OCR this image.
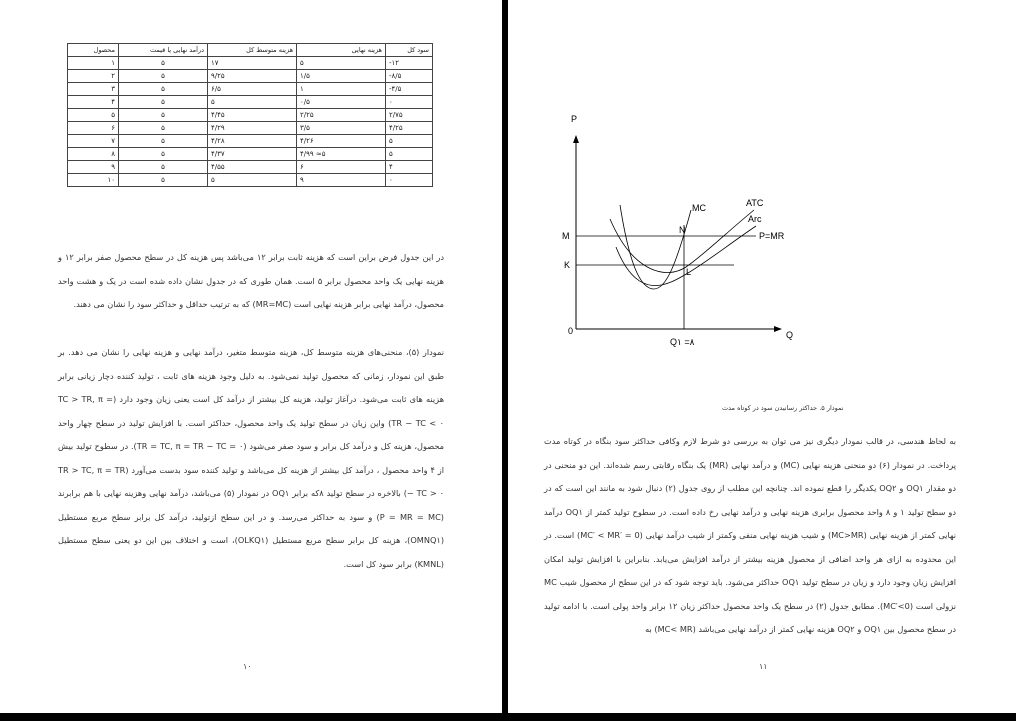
محصول	درآمد نهایی یا قیمت	هزینه متوسط کل	هزینه نهایی	سود کل
۱	۵	۱۷	۵	-۱۲
۲	۵	۹/۲۵	۱/۵	-۸/۵
۳	۵	۶/۵	۱	-۴/۵
۴	۵	۵	۰/۵	۰
۵	۵	۴/۴۵	۲/۲۵	۲/۷۵
۶	۵	۴/۲۹	۳/۵	۴/۲۵
۷	۵	۴/۲۸	۴/۲۶	۵
۸	۵	۴/۳۷	۴/۹۹ ≈۵	۵
۹	۵	۴/۵۵	۶	۴
۱۰	۵	۵	۹	۰

در این جدول فرض براین است که هزینه ثابت برابر ۱۲ می‌باشد پس هزینه کل در سطح محصول صفر برابر ۱۲ و هزینه نهایی یک واحد محصول برابر ۵ است. همان طوری که در جدول نشان داده شده است در یک و هشت واحد محصول، درآمد نهایی برابر هزینه نهایی است (MR=MC) که به ترتیب حداقل و حداکثر سود را نشان می دهند.

نمودار (۵)، منحنی‌های هزینه متوسط کل، هزینه متوسط متغیر، درآمد نهایی و هزینه نهایی را نشان می دهد. بر طبق این نمودار، زمانی که محصول تولید نمی‌شود. به دلیل وجود هزینه های ثابت ، تولید کننده دچار زیانی برابر هزینه های ثابت می‌شود. درآغاز تولید، هزینه کل بیشتر از درآمد کل است یعنی زیان وجود دارد (TC > TR, π = TR − TC < ۰) واین زیان در سطح تولید یک واحد محصول، حداکثر است. با افزایش تولید در سطح چهار واحد محصول، هزینه کل و درآمد کل برابر و سود صفر می‌شود (TR = TC, π = TR − TC = ۰). در سطوح تولید بیش از ۴ واحد محصول ، درآمد کل بیشتر از هزینه کل می‌باشد و تولید کننده سود بدست می‌آورد (TR > TC, π = TR − TC > ۰) بالاخره در سطح تولید ۸که برابر OQ۱ در نمودار (۵) می‌باشد، درآمد نهایی وهزینه نهایی با هم برابرند (P = MR = MC) و سود به حداکثر می‌رسد. و در این سطح ازتولید، درآمد کل برابر سطح مربع مستطیل (OMNQ۱)، هزینه کل برابر سطح مربع مستطیل (OLKQ۱)، است و اختلاف بین این دو یعنی سطح مستطیل (KMNL) برابر سود کل است.

۱۰
P
Q
0
M
K
N
L
MC	ATC
Arc
P=MR
Q۱ =۸
نمودار ۵. حداکثر رسانیدن سود در کوتاه مدت

به لحاظ هندسی، در قالب نمودار دیگری نیز می توان به بررسی دو شرط لازم وکافی حداکثر سود بنگاه در کوتاه مدت پرداخت. در نمودار (۶) دو منحنی هزینه نهایی (MC) و درآمد نهایی (MR) یک بنگاه رقابتی رسم شده‌اند. این دو منحنی در دو مقدار OQ۱ و OQ۲ یکدیگر را قطع نموده اند. چنانچه این مطلب از روی جدول (۲) دنبال شود به مانند این است که در دو سطح تولید ۱ و ۸ واحد محصول برابری هزینه نهایی و درآمد نهایی رخ داده است. در سطوح تولید کمتر از OQ۱ درآمد نهایی کمتر از هزینه نهایی (MC>MR) و شیب هزینه نهایی منفی وکمتر از شیب درآمد نهایی (MC′ < MR′ = 0) است. در این محدوده به ازای هر واحد اضافی از محصول هزینه بیشتر از درآمد افزایش می‌یابد. بنابراین با افزایش تولید امکان افزایش زیان وجود دارد و زیان در سطح تولید OQ۱ حداکثر می‌شود. باید توجه شود که در این سطح از محصول شیب MC نزولی است (MC′<0). مطابق جدول (۲) در سطح یک واحد محصول حداکثر زیان ۱۲ برابر واحد پولی است. با ادامه تولید در سطح محصول بین OQ۱ و OQ۲ هزینه نهایی کمتر از درآمد نهایی می‌باشد (MC< MR) به

۱۱
